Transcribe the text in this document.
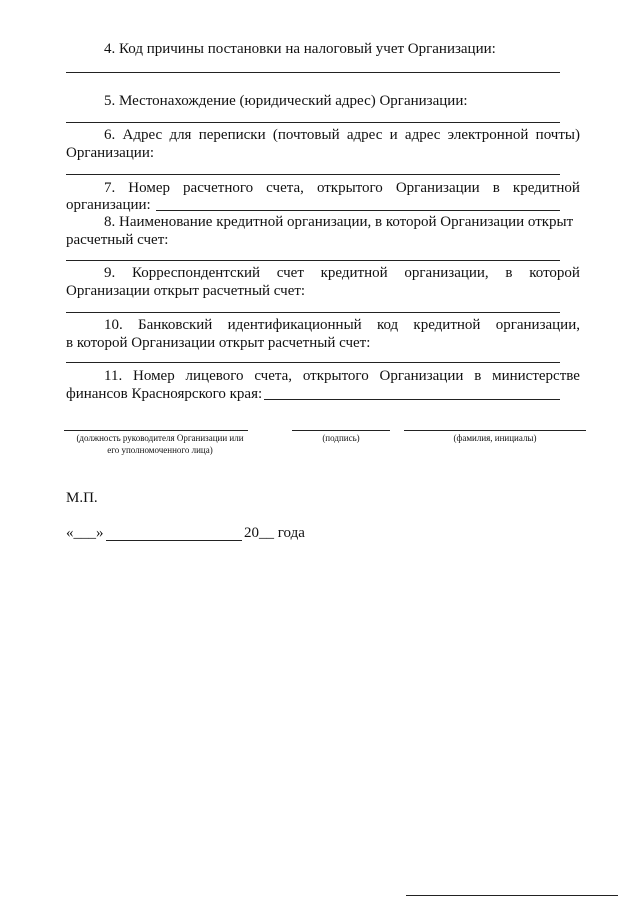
4. Код причины постановки на налоговый учет Организации:
5. Местонахождение (юридический адрес) Организации:
6. Адрес для переписки (почтовый адрес и адрес электронной почты)
Организации:
7. Номер расчетного счета, открытого Организации в кредитной
организации:
8. Наименование кредитной организации, в которой Организации открыт
расчетный счет:
9. Корреспондентский счет кредитной организации, в которой
Организации открыт расчетный счет:
10. Банковский идентификационный код кредитной организации,
в которой Организации открыт расчетный счет:
11. Номер лицевого счета, открытого Организации в министерстве
финансов Красноярского края:
(должность руководителя Организации или
его уполномоченного лица)
(подпись)	(фамилия, инициалы)
М.П.
«___»	20__ года
